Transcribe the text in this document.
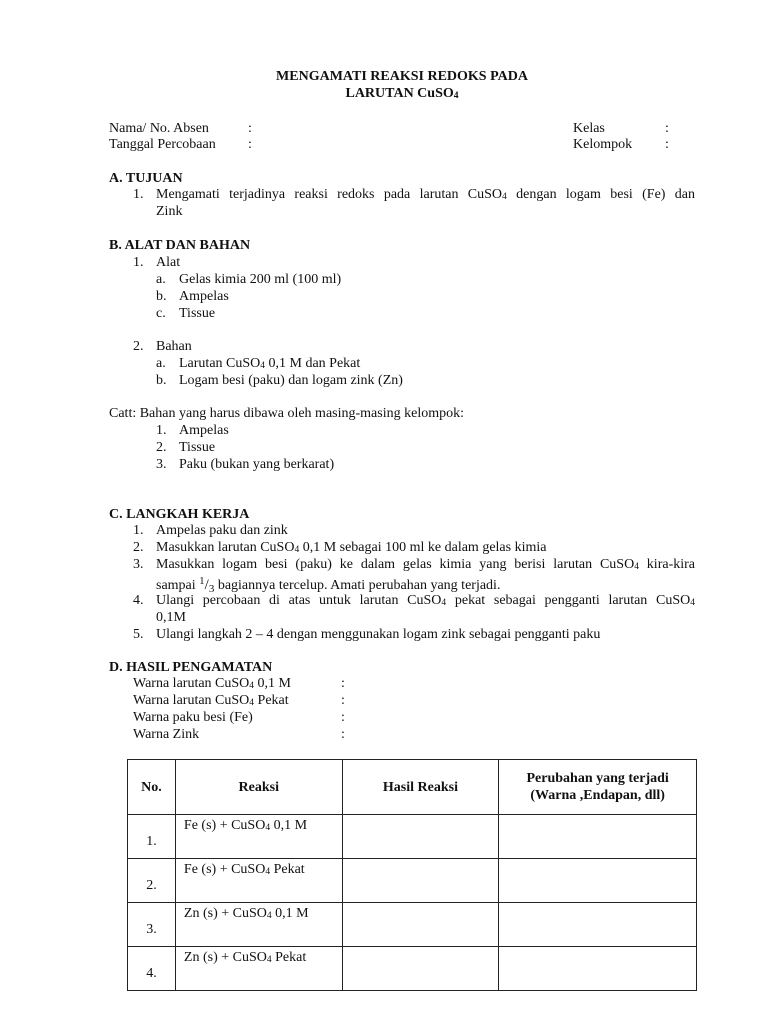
MENGAMATI REAKSI REDOKS PADA
LARUTAN CuSO4
Nama/ No. Absen	:
Tanggal Percobaan :
Kelas	:
Kelompok :
A. TUJUAN
1. Mengamati terjadinya reaksi redoks pada larutan CuSO4 dengan logam besi (Fe) dan
Zink
B. ALAT DAN BAHAN
1. Alat
a. Gelas kimia 200 ml (100 ml)
b. Ampelas
c. Tissue
2. Bahan
a. Larutan CuSO4 0,1 M dan Pekat
b. Logam besi (paku) dan logam zink (Zn)
Catt: Bahan yang harus dibawa oleh masing-masing kelompok:
1. Ampelas
2. Tissue
3. Paku (bukan yang berkarat)
C. LANGKAH KERJA
1. Ampelas paku dan zink
2. Masukkan larutan CuSO4 0,1 M sebagai 100 ml ke dalam gelas kimia
3. Masukkan logam besi (paku) ke dalam gelas kimia yang berisi larutan CuSO4 kira-kira
sampai $^1/_3$ bagiannya tercelup. Amati perubahan yang terjadi.
4. Ulangi percobaan di atas untuk larutan CuSO4 pekat sebagai pengganti larutan CuSO4
0,1M
5. Ulangi langkah 2 – 4 dengan menggunakan logam zink sebagai pengganti paku
D. HASIL PENGAMATAN
Warna larutan CuSO4 0,1 M	:
Warna larutan CuSO4 Pekat	:
Warna paku besi (Fe)	:
Warna Zink	:
No.	Reaksi	Hasil Reaksi	Perubahan yang terjadi
(Warna ,Endapan, dll)
1.	Fe (s) + CuSO4 0,1 M		
2.	Fe (s) + CuSO4 Pekat		
3.	Zn (s) + CuSO4 0,1 M		
4.	Zn (s) + CuSO4 Pekat		
